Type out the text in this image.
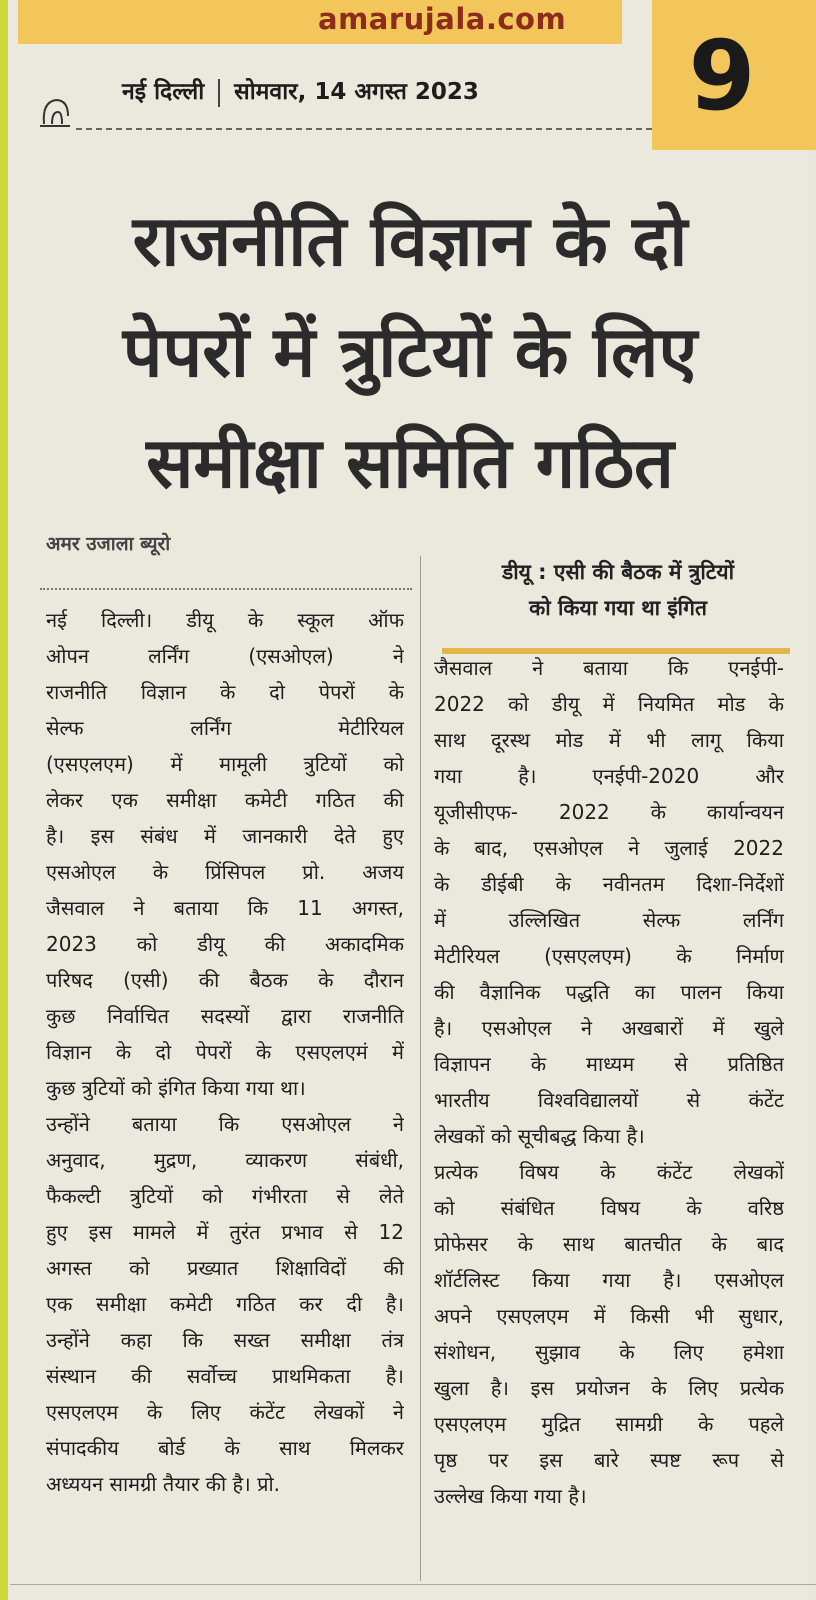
amarujala.com
9
नई दिल्ली सोमवार, 14 अगस्त 2023
राजनीति विज्ञान के दो
पेपरों में त्रुटियों के लिए
समीक्षा समिति गठित
अमर उजाला ब्यूरो
डीयू : एसी की बैठक में त्रुटियों
को किया गया था इंगित

नई दिल्ली। डीयू के स्कूल ऑफ
ओपन लर्निंग (एसओएल) ने
राजनीति विज्ञान के दो पेपरों के
सेल्फ लर्निंग मेटीरियल
(एसएलएम) में मामूली त्रुटियों को
लेकर एक समीक्षा कमेटी गठित की
है। इस संबंध में जानकारी देते हुए
एसओएल के प्रिंसिपल प्रो. अजय
जैसवाल ने बताया कि 11 अगस्त,
2023 को डीयू की अकादमिक
परिषद (एसी) की बैठक के दौरान
कुछ निर्वाचित सदस्यों द्वारा राजनीति
विज्ञान के दो पेपरों के एसएलएमं में
कुछ त्रुटियों को इंगित किया गया था।
उन्होंने बताया कि एसओएल ने
अनुवाद, मुद्रण, व्याकरण संबंधी,
फैकल्टी त्रुटियों को गंभीरता से लेते
हुए इस मामले में तुरंत प्रभाव से 12
अगस्त को प्रख्यात शिक्षाविदों की
एक समीक्षा कमेटी गठित कर दी है।
उन्होंने कहा कि सख्त समीक्षा तंत्र
संस्थान की सर्वोच्च प्राथमिकता है।
एसएलएम के लिए कंटेंट लेखकों ने
संपादकीय बोर्ड के साथ मिलकर
अध्ययन सामग्री तैयार की है। प्रो.

जैसवाल ने बताया कि एनईपी-
2022 को डीयू में नियमित मोड के
साथ दूरस्थ मोड में भी लागू किया
गया है। एनईपी-2020 और
यूजीसीएफ- 2022 के कार्यान्वयन
के बाद, एसओएल ने जुलाई 2022
के डीईबी के नवीनतम दिशा-निर्देशों
में उल्लिखित सेल्फ लर्निंग
मेटीरियल (एसएलएम) के निर्माण
की वैज्ञानिक पद्धति का पालन किया
है। एसओएल ने अखबारों में खुले
विज्ञापन के माध्यम से प्रतिष्ठित
भारतीय विश्वविद्यालयों से कंटेंट
लेखकों को सूचीबद्ध किया है।
प्रत्येक विषय के कंटेंट लेखकों
को संबंधित विषय के वरिष्ठ
प्रोफेसर के साथ बातचीत के बाद
शॉर्टलिस्ट किया गया है। एसओएल
अपने एसएलएम में किसी भी सुधार,
संशोधन, सुझाव के लिए हमेशा
खुला है। इस प्रयोजन के लिए प्रत्येक
एसएलएम मुद्रित सामग्री के पहले
पृष्ठ पर इस बारे स्पष्ट रूप से
उल्लेख किया गया है।
